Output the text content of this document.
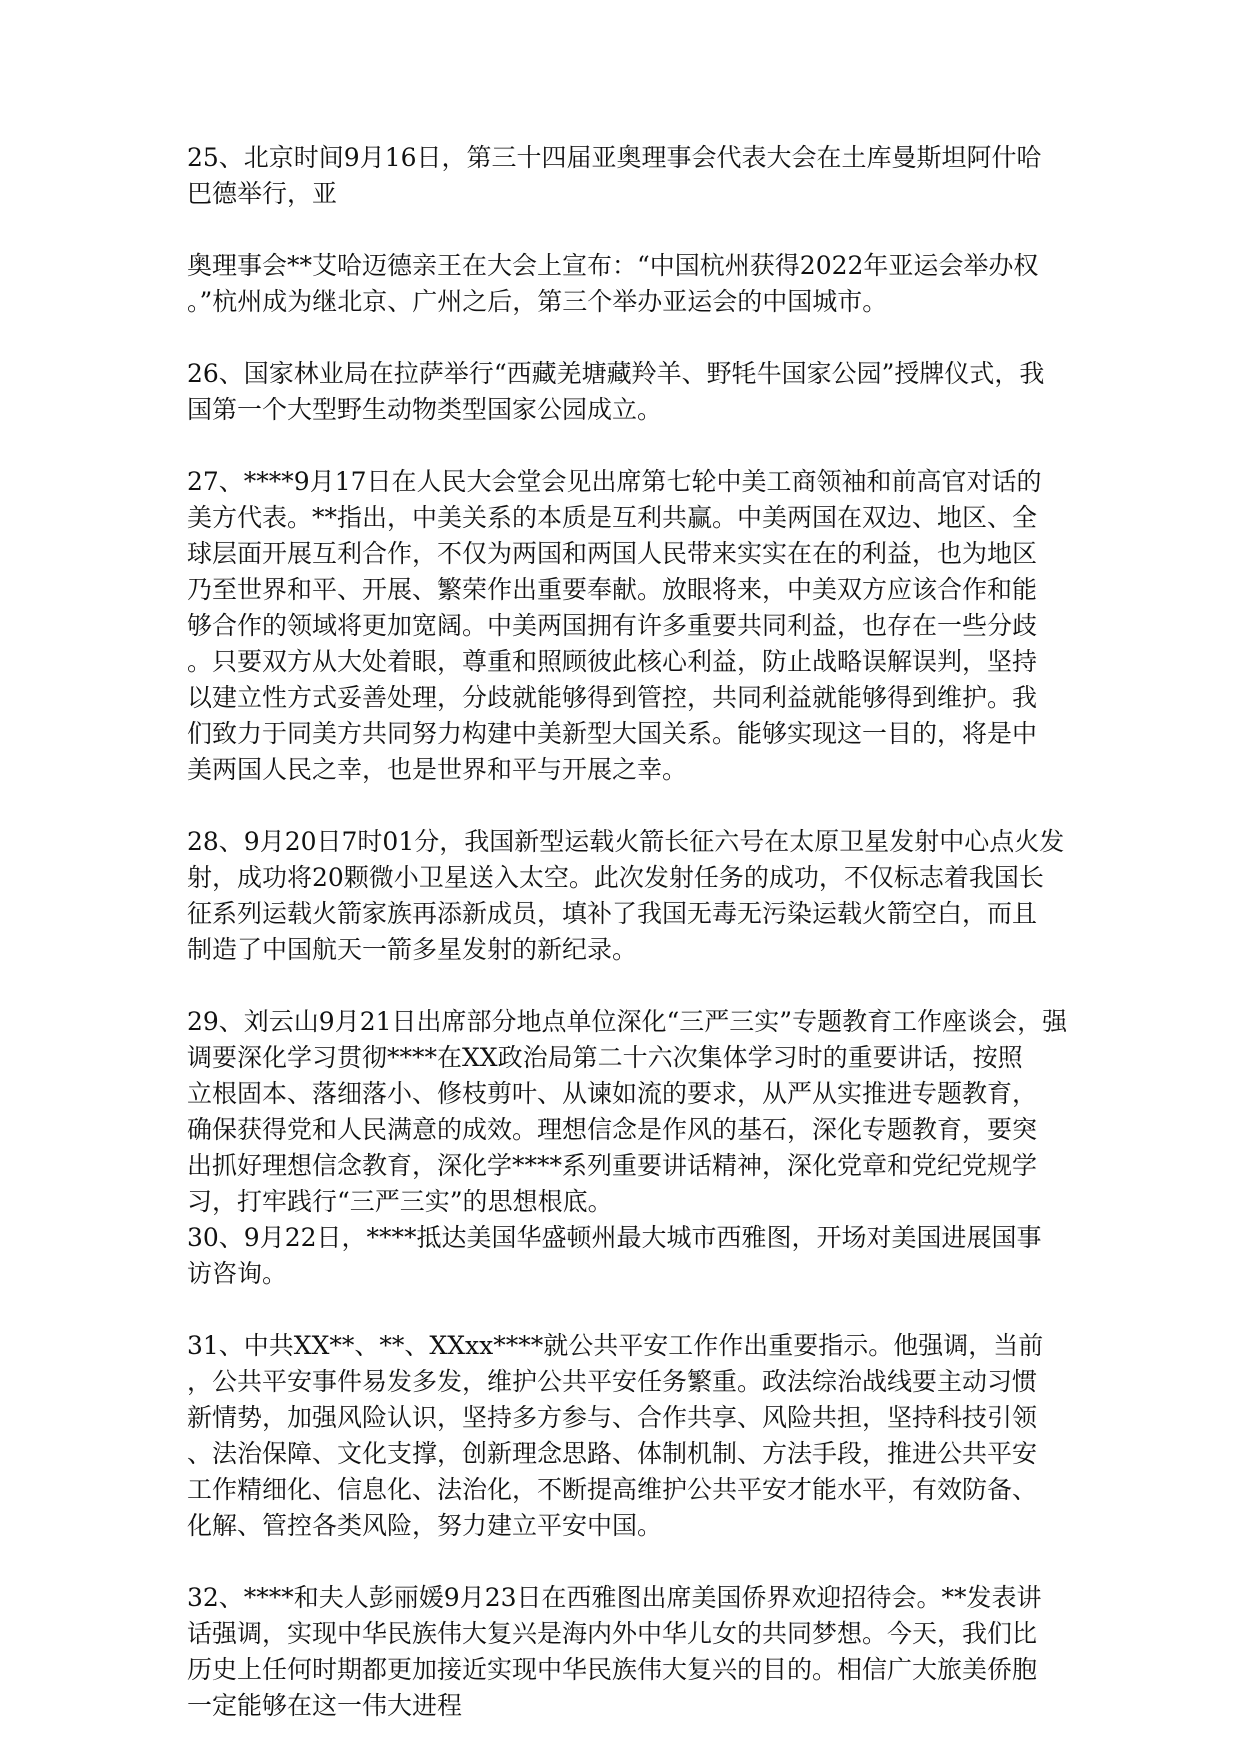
25、北京时间9月16日，第三十四届亚奥理事会代表大会在土库曼斯坦阿什哈
巴德举行，亚
奥理事会**艾哈迈德亲王在大会上宣布：“中国杭州获得2022年亚运会举办权
。”杭州成为继北京、广州之后，第三个举办亚运会的中国城市。
26、国家林业局在拉萨举行“西藏羌塘藏羚羊、野牦牛国家公园”授牌仪式，我
国第一个大型野生动物类型国家公园成立。
27、****9月17日在人民大会堂会见出席第七轮中美工商领袖和前高官对话的
美方代表。**指出，中美关系的本质是互利共赢。中美两国在双边、地区、全
球层面开展互利合作，不仅为两国和两国人民带来实实在在的利益，也为地区
乃至世界和平、开展、繁荣作出重要奉献。放眼将来，中美双方应该合作和能
够合作的领域将更加宽阔。中美两国拥有许多重要共同利益，也存在一些分歧
。只要双方从大处着眼，尊重和照顾彼此核心利益，防止战略误解误判，坚持
以建立性方式妥善处理，分歧就能够得到管控，共同利益就能够得到维护。我
们致力于同美方共同努力构建中美新型大国关系。能够实现这一目的，将是中
美两国人民之幸，也是世界和平与开展之幸。
28、9月20日7时01分，我国新型运载火箭长征六号在太原卫星发射中心点火发
射，成功将20颗微小卫星送入太空。此次发射任务的成功，不仅标志着我国长
征系列运载火箭家族再添新成员，填补了我国无毒无污染运载火箭空白，而且
制造了中国航天一箭多星发射的新纪录。
29、刘云山9月21日出席部分地点单位深化“三严三实”专题教育工作座谈会，强
调要深化学习贯彻****在XX政治局第二十六次集体学习时的重要讲话，按照
立根固本、落细落小、修枝剪叶、从谏如流的要求，从严从实推进专题教育，
确保获得党和人民满意的成效。理想信念是作风的基石，深化专题教育，要突
出抓好理想信念教育，深化学****系列重要讲话精神，深化党章和党纪党规学
习，打牢践行“三严三实”的思想根底。
30、9月22日，****抵达美国华盛顿州最大城市西雅图，开场对美国进展国事
访咨询。
31、中共XX**、**、XXxx****就公共平安工作作出重要指示。他强调，当前
，公共平安事件易发多发，维护公共平安任务繁重。政法综治战线要主动习惯
新情势，加强风险认识，坚持多方参与、合作共享、风险共担，坚持科技引领
、法治保障、文化支撑，创新理念思路、体制机制、方法手段，推进公共平安
工作精细化、信息化、法治化，不断提高维护公共平安才能水平，有效防备、
化解、管控各类风险，努力建立平安中国。
32、****和夫人彭丽媛9月23日在西雅图出席美国侨界欢迎招待会。**发表讲
话强调，实现中华民族伟大复兴是海内外中华儿女的共同梦想。今天，我们比
历史上任何时期都更加接近实现中华民族伟大复兴的目的。相信广大旅美侨胞
一定能够在这一伟大进程
